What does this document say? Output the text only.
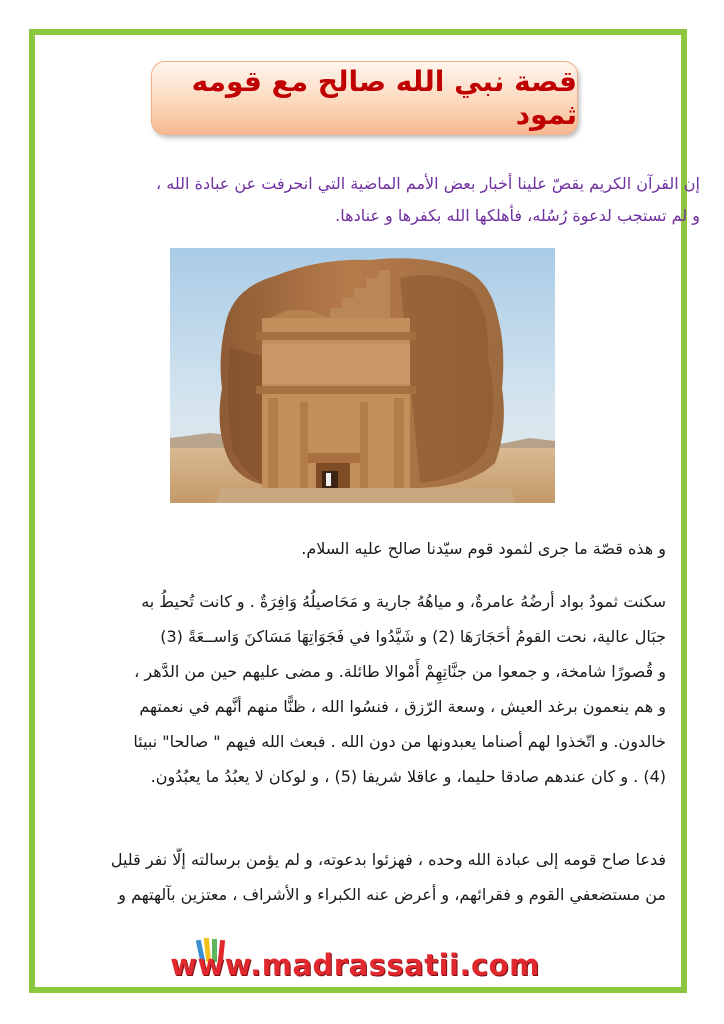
قصة نبي الله صالح مع قومه ثمود

إن القرآن الكريم يقصّ علينا أخبار بعض الأمم الماضية التي انحرفت عن عبادة الله ،

و لم تستجب لدعوة رُسُله، فأهلكها الله بكفرها و عنادها.

و هذه قصّة ما جرى لثمود قوم سيّدنا صالح عليه السلام.

سكنت ثمودُ بواد أرضُهُ عامرةٌ، و مياهُهُ جارية و مَحَاصيلُهُ وَافِرَةٌ . و كانت تُحيطُ به

جبَال عالية، نحت القومُ أحَجَارَهَا (2) و شَيَّدُوا في فَجَوَاتِهَا مَسَاكنَ وَاســعَةً (3)

و قُصورًا شامخة، و جمعوا من جنَّاتِهِمْ أَمْوالا طائلة. و مضى عليهم حين من الدَّهر ،

و هم ينعمون برغد العيش ، وسعة الرّزق ، فنسُوا الله ، ظنًّا منهم أنَّهم في نعمتهم

خالدون. و اتّخذوا لهم أصناما يعبدونها من دون الله . فبعث الله فيهم " صالحا" نبيئا

(4) . و كان عندهم صادقا حليما، و عاقلا شريفا (5) ، و لوكان لا يعبُدُ ما يعبُدُون.

فدعا صاح قومه إلى عبادة الله وحده ، فهزئوا بدعوته، و لم يؤمن برسالته إلّا نفر قليل

من مستضعفي القوم و فقرائهم، و أعرض عنه الكبراء و الأشراف ، معتزين بآلهتهم و

www.madrassatii.com
